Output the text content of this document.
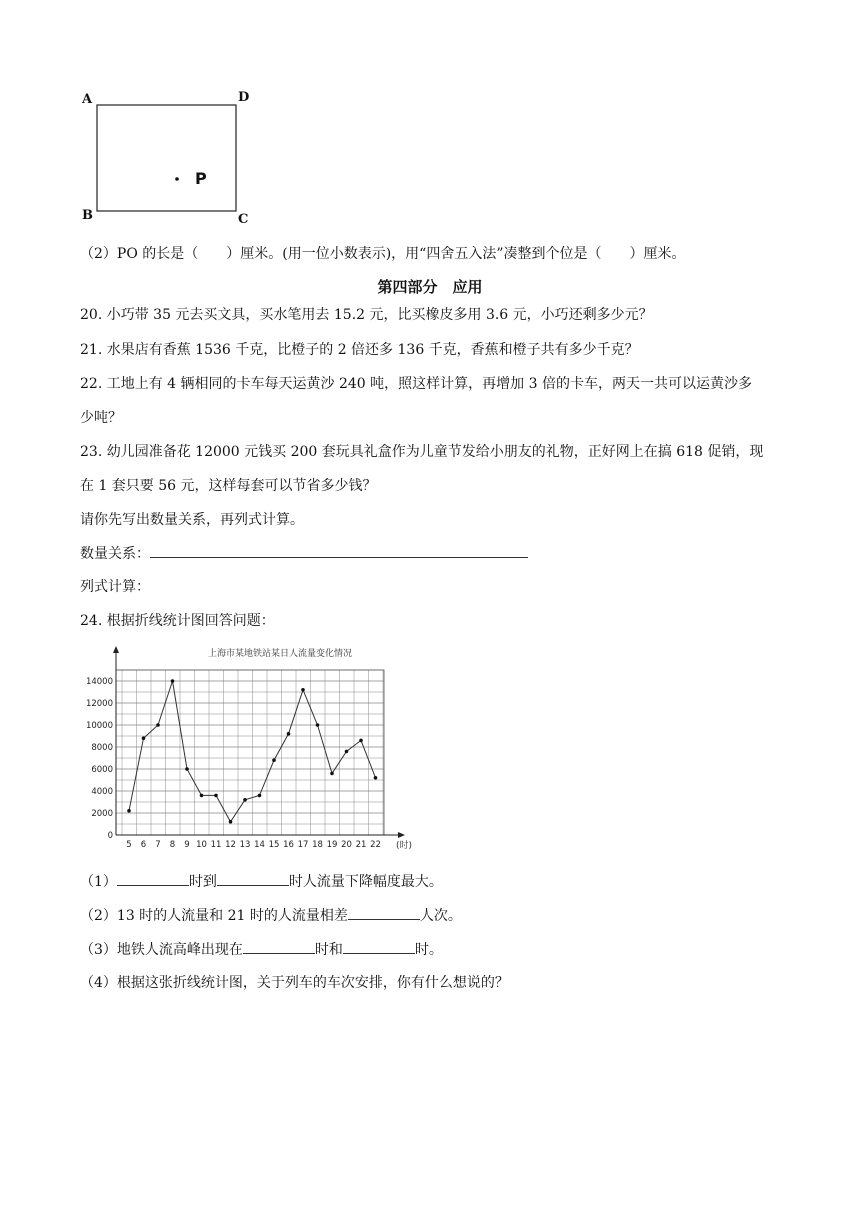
A	D
B	C
P
（2）PO 的长是（　　）厘米。(用一位小数表示)，用“四舍五入法”凑整到个位是（　　）厘米。
第四部分　应用
20. 小巧带 35 元去买文具，买水笔用去 15.2 元，比买橡皮多用 3.6 元，小巧还剩多少元？
21. 水果店有香蕉 1536 千克，比橙子的 2 倍还多 136 千克，香蕉和橙子共有多少千克？
22. 工地上有 4 辆相同的卡车每天运黄沙 240 吨，照这样计算，再增加 3 倍的卡车，两天一共可以运黄沙多
少吨？
23. 幼儿园准备花 12000 元钱买 200 套玩具礼盒作为儿童节发给小朋友的礼物，正好网上在搞 618 促销，现
在 1 套只要 56 元，这样每套可以节省多少钱？
请你先写出数量关系，再列式计算。
数量关系：
列式计算：
24. 根据折线统计图回答问题：
上海市某地铁站某日人流量变化情况
0
2000
4000
6000
8000
10000
12000
14000
5 6 7 8 9 10 11 12 13 14 15 16 17 18 19 20 21 22 (时)
（1）	时到	时人流量下降幅度最大。
（2）13 时的人流量和 21 时的人流量相差	人次。
（3）地铁人流高峰出现在	时和	时。
（4）根据这张折线统计图，关于列车的车次安排，你有什么想说的？
